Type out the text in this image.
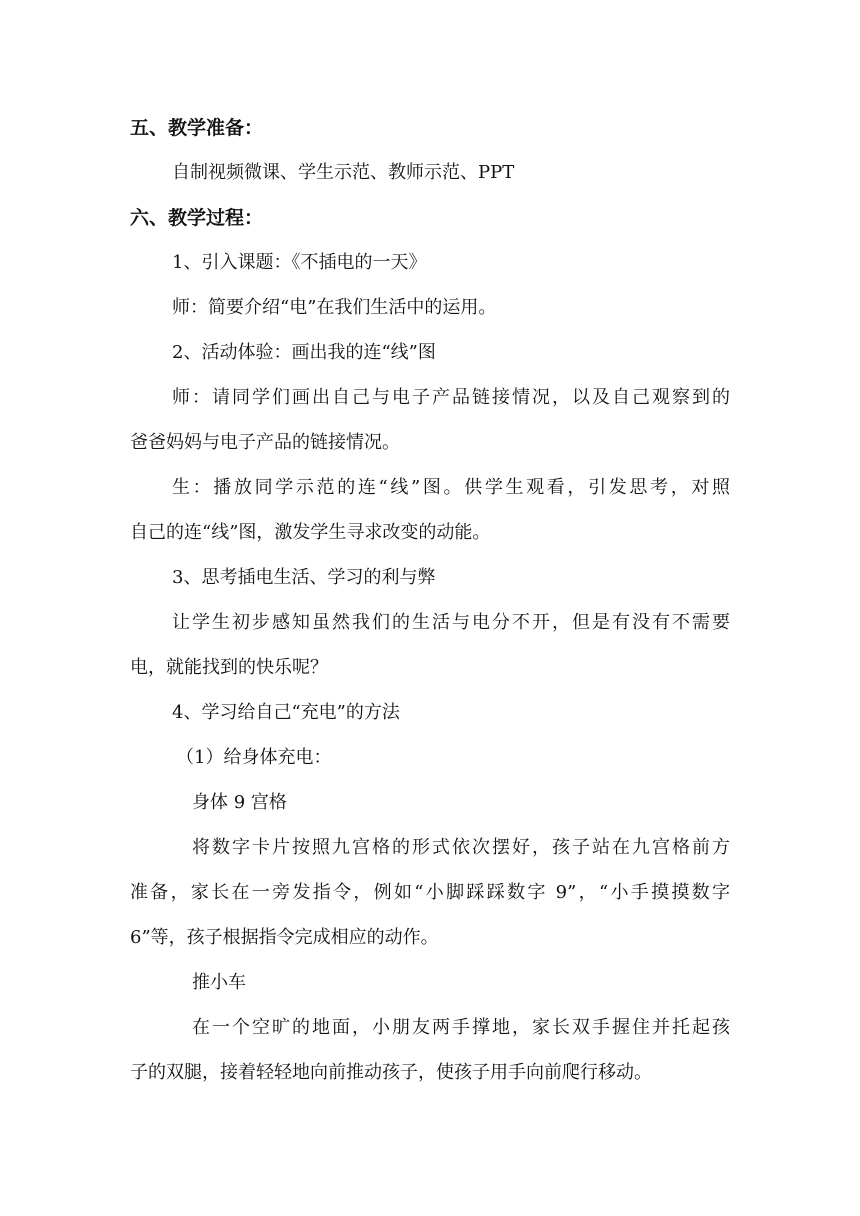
五、教学准备：
自制视频微课、学生示范、教师示范、PPT
六、教学过程：
1、引入课题：《不插电的一天》
师：简要介绍“电”在我们生活中的运用。
2、活动体验：画出我的连“线”图
师：请同学们画出自己与电子产品链接情况，以及自己观察到的
爸爸妈妈与电子产品的链接情况。
生：播放同学示范的连“线”图。供学生观看，引发思考，对照
自己的连“线”图，激发学生寻求改变的动能。
3、思考插电生活、学习的利与弊
让学生初步感知虽然我们的生活与电分不开，但是有没有不需要
电，就能找到的快乐呢？
4、学习给自己“充电”的方法
（1）给身体充电：
身体 9 宫格
将数字卡片按照九宫格的形式依次摆好，孩子站在九宫格前方
准备，家长在一旁发指令，例如“小脚踩踩数字 9”，“小手摸摸数字
6”等，孩子根据指令完成相应的动作。
推小车
在一个空旷的地面，小朋友两手撑地，家长双手握住并托起孩
子的双腿，接着轻轻地向前推动孩子，使孩子用手向前爬行移动。
